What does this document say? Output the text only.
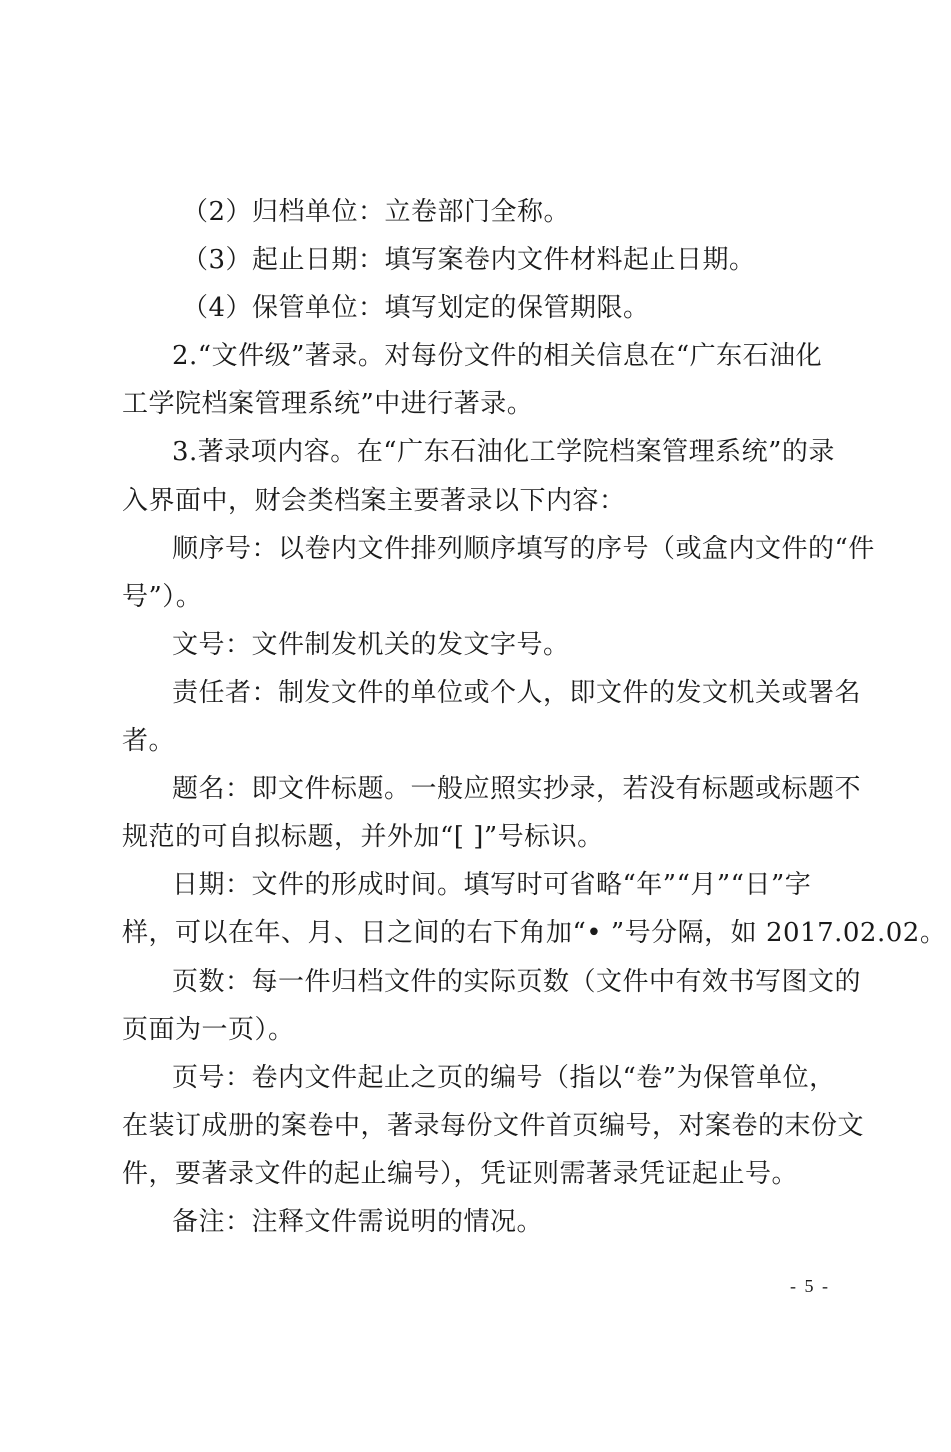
（2）归档单位：立卷部门全称。
（3）起止日期：填写案卷内文件材料起止日期。
（4）保管单位：填写划定的保管期限。
2.“文件级”著录。对每份文件的相关信息在“广东石油化
工学院档案管理系统”中进行著录。
3.著录项内容。在“广东石油化工学院档案管理系统”的录
入界面中，财会类档案主要著录以下内容：
顺序号：以卷内文件排列顺序填写的序号（或盒内文件的“件
号”）。
文号：文件制发机关的发文字号。
责任者：制发文件的单位或个人，即文件的发文机关或署名
者。
题名：即文件标题。一般应照实抄录，若没有标题或标题不
规范的可自拟标题，并外加“[ ]”号标识。
日期：文件的形成时间。填写时可省略“年”“月”“日”字
样，可以在年、月、日之间的右下角加“• ”号分隔，如 2017.02.02。
页数：每一件归档文件的实际页数（文件中有效书写图文的
页面为一页）。
页号：卷内文件起止之页的编号（指以“卷”为保管单位，
在装订成册的案卷中，著录每份文件首页编号，对案卷的末份文
件，要著录文件的起止编号），凭证则需著录凭证起止号。
备注：注释文件需说明的情况。
- 5 -
